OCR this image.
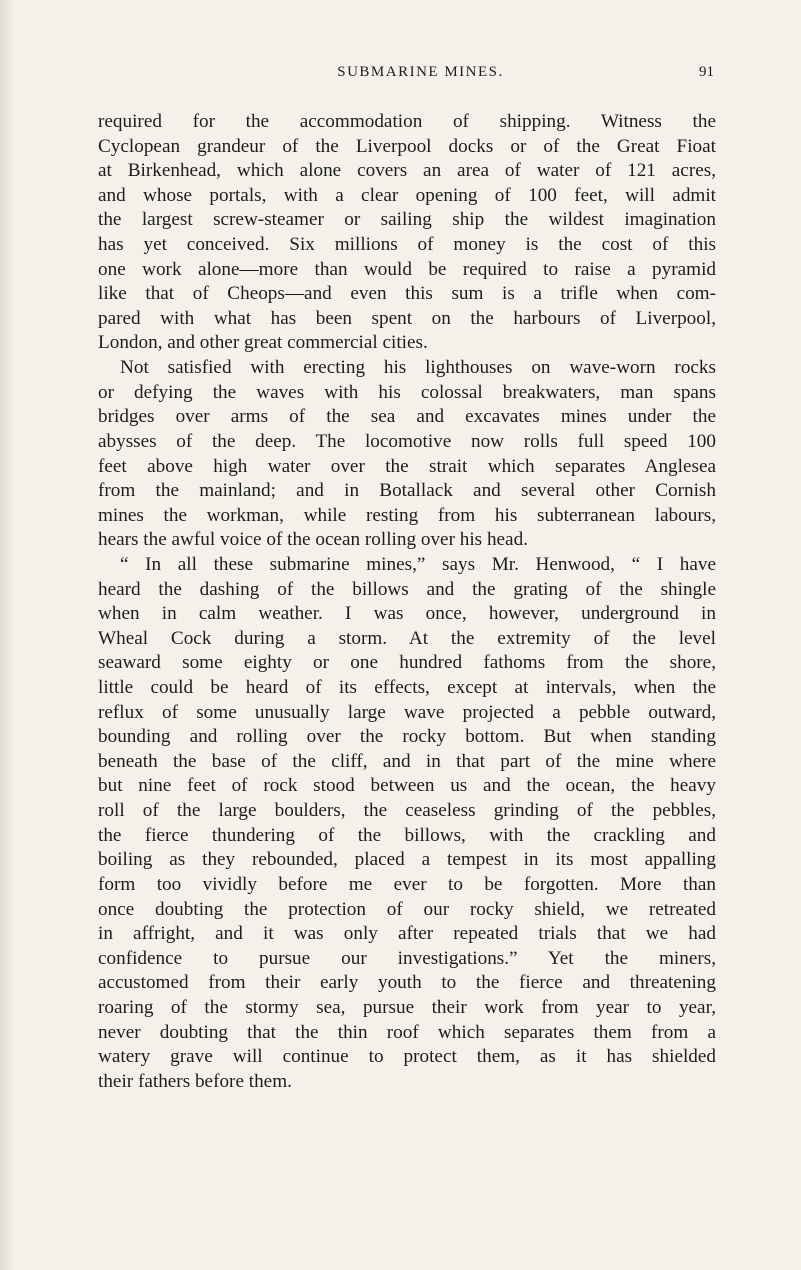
SUBMARINE MINES.	91
required for the accommodation of shipping. Witness the
Cyclopean grandeur of the Liverpool docks or of the Great Fioat
at Birkenhead, which alone covers an area of water of 121 acres,
and whose portals, with a clear opening of 100 feet, will admit
the largest screw-steamer or sailing ship the wildest imagination
has yet conceived. Six millions of money is the cost of this
one work alone—more than would be required to raise a pyramid
like that of Cheops—and even this sum is a trifle when com-
pared with what has been spent on the harbours of Liverpool,
London, and other great commercial cities.
Not satisfied with erecting his lighthouses on wave-worn rocks
or defying the waves with his colossal breakwaters, man spans
bridges over arms of the sea and excavates mines under the
abysses of the deep. The locomotive now rolls full speed 100
feet above high water over the strait which separates Anglesea
from the mainland; and in Botallack and several other Cornish
mines the workman, while resting from his subterranean labours,
hears the awful voice of the ocean rolling over his head.
“ In all these submarine mines,” says Mr. Henwood, “ I have
heard the dashing of the billows and the grating of the shingle
when in calm weather. I was once, however, underground in
Wheal Cock during a storm. At the extremity of the level
seaward some eighty or one hundred fathoms from the shore,
little could be heard of its effects, except at intervals, when the
reflux of some unusually large wave projected a pebble outward,
bounding and rolling over the rocky bottom. But when standing
beneath the base of the cliff, and in that part of the mine where
but nine feet of rock stood between us and the ocean, the heavy
roll of the large boulders, the ceaseless grinding of the pebbles,
the fierce thundering of the billows, with the crackling and
boiling as they rebounded, placed a tempest in its most appalling
form too vividly before me ever to be forgotten. More than
once doubting the protection of our rocky shield, we retreated
in affright, and it was only after repeated trials that we had
confidence to pursue our investigations.” Yet the miners,
accustomed from their early youth to the fierce and threatening
roaring of the stormy sea, pursue their work from year to year,
never doubting that the thin roof which separates them from a
watery grave will continue to protect them, as it has shielded
their fathers before them.
